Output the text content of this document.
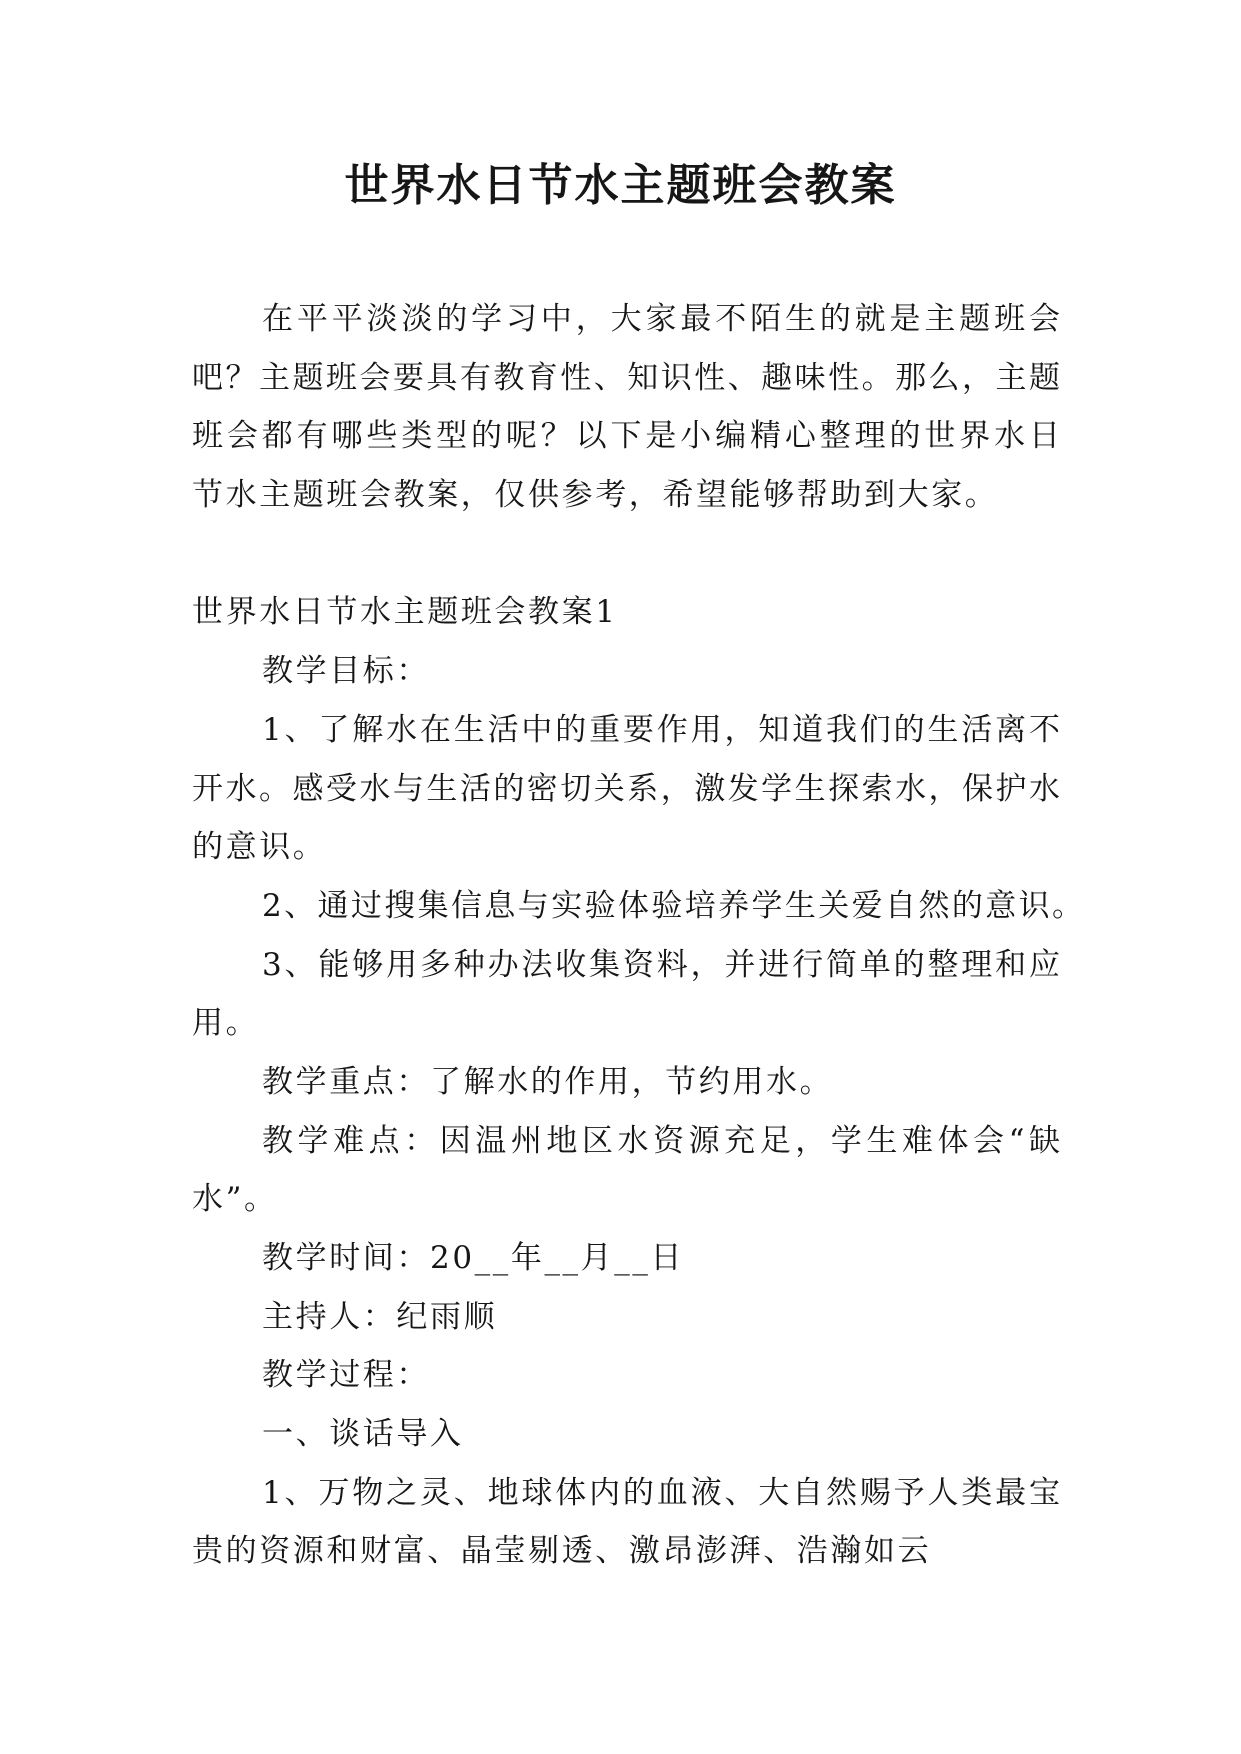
世界水日节水主题班会教案
在平平淡淡的学习中，大家最不陌生的就是主题班会
吧？主题班会要具有教育性、知识性、趣味性。那么，主题
班会都有哪些类型的呢？以下是小编精心整理的世界水日
节水主题班会教案，仅供参考，希望能够帮助到大家。
世界水日节水主题班会教案1
教学目标：
1、了解水在生活中的重要作用，知道我们的生活离不
开水。感受水与生活的密切关系，激发学生探索水，保护水
的意识。
2、通过搜集信息与实验体验培养学生关爱自然的意识。
3、能够用多种办法收集资料，并进行简单的整理和应
用。
教学重点：了解水的作用，节约用水。
教学难点：因温州地区水资源充足，学生难体会“缺
水”。
教学时间：20__年__月__日
主持人：纪雨顺
教学过程：
一、谈话导入
1、万物之灵、地球体内的血液、大自然赐予人类最宝
贵的资源和财富、晶莹剔透、激昂澎湃、浩瀚如云
